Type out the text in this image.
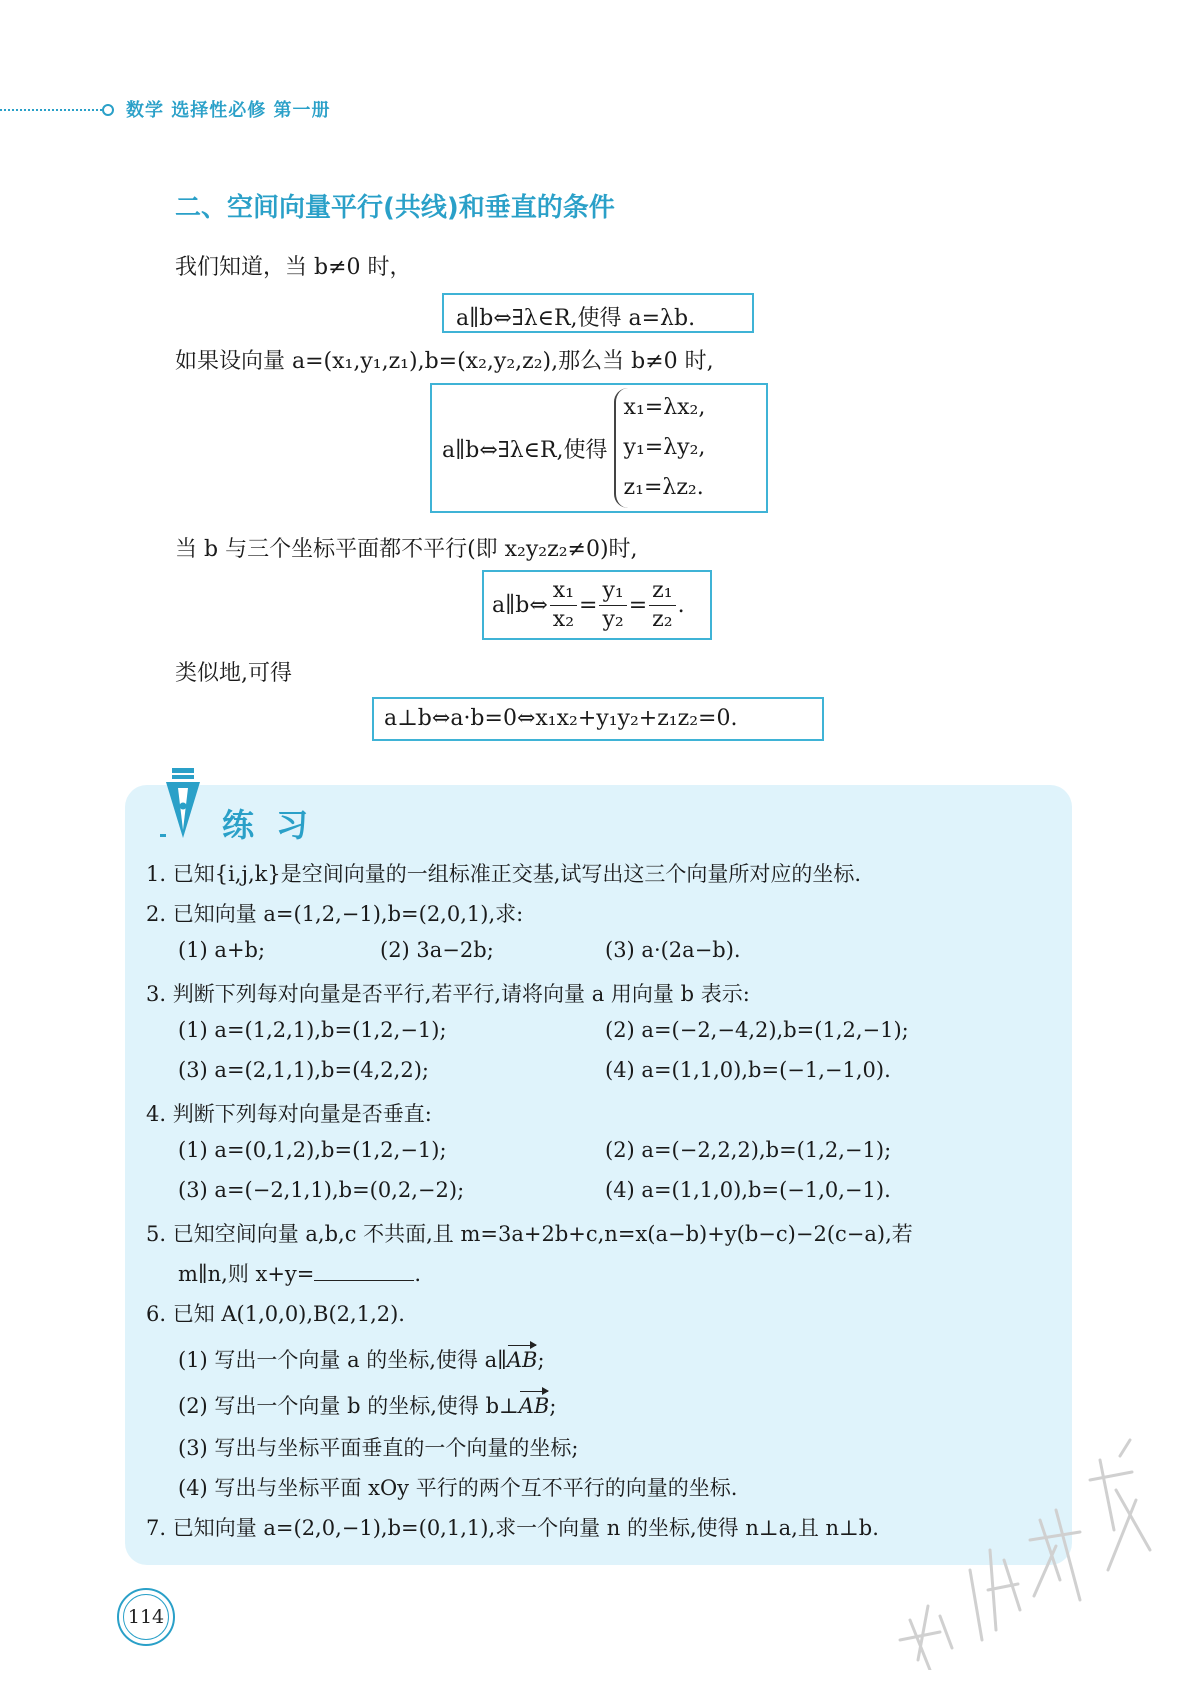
数学 选择性必修 第一册
二、空间向量平行(共线)和垂直的条件
我们知道，当 b≠0 时，
a∥b⇔∃λ∈R,使得 a=λb.
如果设向量 a=(x₁,y₁,z₁),b=(x₂,y₂,z₂),那么当 b≠0 时,
a∥b⇔∃λ∈R,使得
x₁=λx₂,
y₁=λy₂,
z₁=λz₂.
当 b 与三个坐标平面都不平行(即 x₂y₂z₂≠0)时,
a∥b⇔ $\frac{\text{x₁}}{\text{x₂}} = \frac{\text{y₁}}{\text{y₂}} = \frac{\text{z₁}}{\text{z₂}}$ .
类似地,可得
a⊥b⇔a·b=0⇔x₁x₂+y₁y₂+z₁z₂=0.
练习
1. 已知{i,j,k}是空间向量的一组标准正交基,试写出这三个向量所对应的坐标.
2. 已知向量 a=(1,2,−1),b=(2,0,1),求:
(1) a+b;	(2) 3a−2b;	(3) a·(2a−b).
3. 判断下列每对向量是否平行,若平行,请将向量 a 用向量 b 表示:
(1) a=(1,2,1),b=(1,2,−1);	(2) a=(−2,−4,2),b=(1,2,−1);
(3) a=(2,1,1),b=(4,2,2);	(4) a=(1,1,0),b=(−1,−1,0).
4. 判断下列每对向量是否垂直:
(1) a=(0,1,2),b=(1,2,−1);	(2) a=(−2,2,2),b=(1,2,−1);
(3) a=(−2,1,1),b=(0,2,−2);	(4) a=(1,1,0),b=(−1,0,−1).
5. 已知空间向量 a,b,c 不共面,且 m=3a+2b+c,n=x(a−b)+y(b−c)−2(c−a),若
m∥n,则 x+y=	.
6. 已知 A(1,0,0),B(2,1,2).
(1) 写出一个向量 a 的坐标,使得 a∥AB;
(2) 写出一个向量 b 的坐标,使得 b⊥AB;
(3) 写出与坐标平面垂直的一个向量的坐标;
(4) 写出与坐标平面 xOy 平行的两个互不平行的向量的坐标.
7. 已知向量 a=(2,0,−1),b=(0,1,1),求一个向量 n 的坐标,使得 n⊥a,且 n⊥b.
114
